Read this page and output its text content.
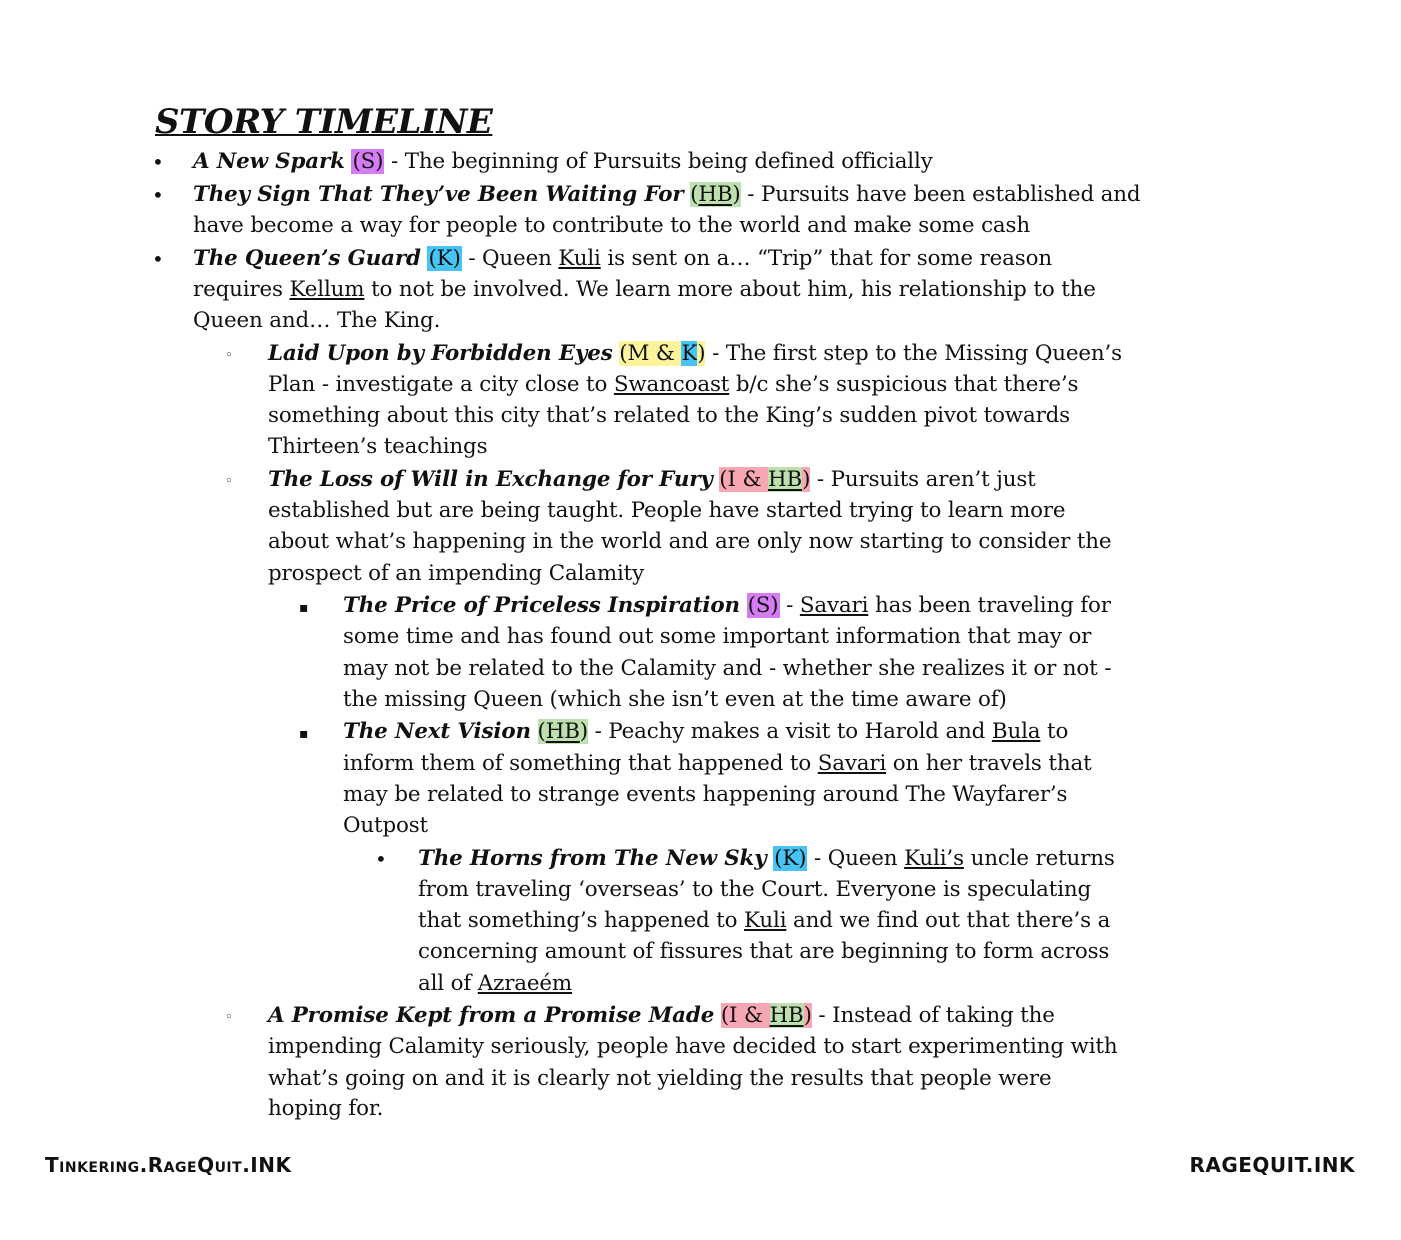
STORY TIMELINE
• A New Spark (S) - The beginning of Pursuits being defined officially
• They Sign That They’ve Been Waiting For (HB) - Pursuits have been established and
have become a way for people to contribute to the world and make some cash
• The Queen’s Guard (K) - Queen Kuli is sent on a… “Trip” that for some reason
requires Kellum to not be involved. We learn more about him, his relationship to the
Queen and… The King.
◦ Laid Upon by Forbidden Eyes (M & K) - The first step to the Missing Queen’s
Plan - investigate a city close to Swancoast b/c she’s suspicious that there’s
something about this city that’s related to the King’s sudden pivot towards
Thirteen’s teachings
◦ The Loss of Will in Exchange for Fury (I & HB) - Pursuits aren’t just
established but are being taught. People have started trying to learn more
about what’s happening in the world and are only now starting to consider the
prospect of an impending Calamity
▪ The Price of Priceless Inspiration (S) - Savari has been traveling for
some time and has found out some important information that may or
may not be related to the Calamity and - whether she realizes it or not -
the missing Queen (which she isn’t even at the time aware of)
▪ The Next Vision (HB) - Peachy makes a visit to Harold and Bula to
inform them of something that happened to Savari on her travels that
may be related to strange events happening around The Wayfarer’s
Outpost
• The Horns from The New Sky (K) - Queen Kuli’s uncle returns
from traveling ‘overseas’ to the Court. Everyone is speculating
that something’s happened to Kuli and we find out that there’s a
concerning amount of fissures that are beginning to form across
all of Azraeém
◦ A Promise Kept from a Promise Made (I & HB) - Instead of taking the
impending Calamity seriously, people have decided to start experimenting with
what’s going on and it is clearly not yielding the results that people were
hoping for.
Tinkering.RageQuit.INK	RAGEQUIT.INK
